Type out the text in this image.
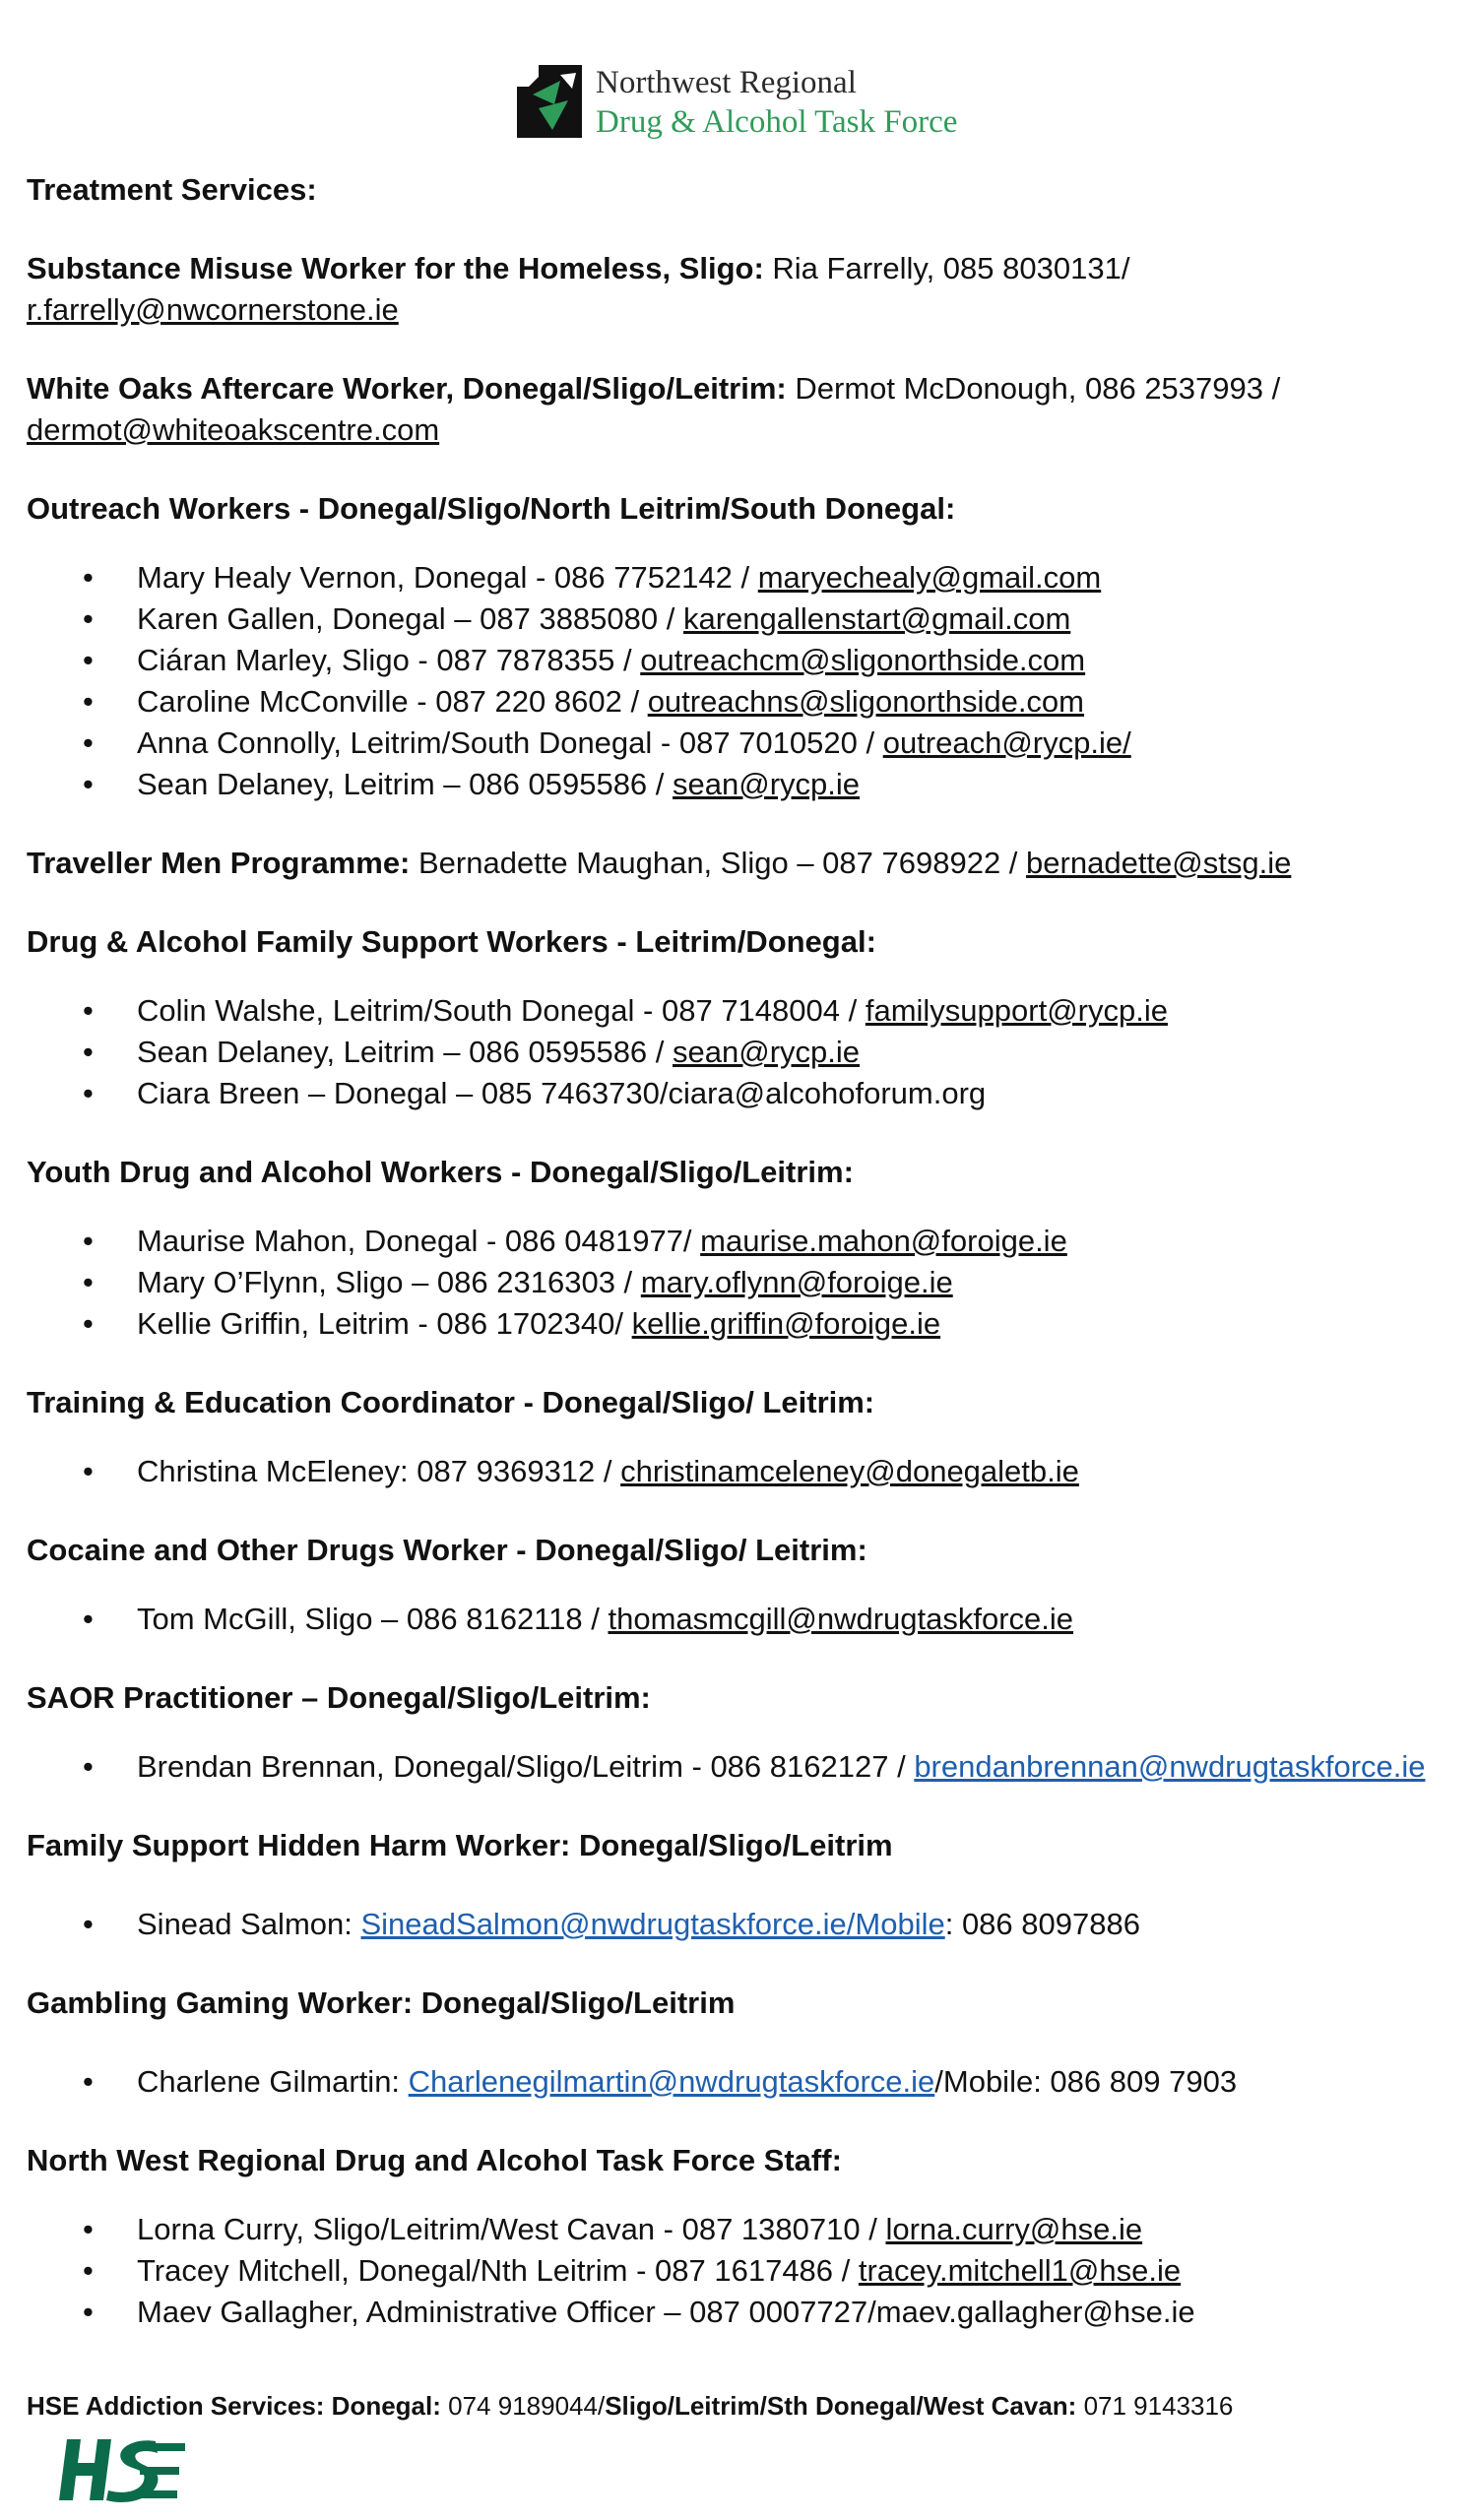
Northwest Regional
Drug & Alcohol Task Force
Treatment Services:

Substance Misuse Worker for the Homeless, Sligo: Ria Farrelly, 085 8030131/
r.farrelly@nwcornerstone.ie

White Oaks Aftercare Worker, Donegal/Sligo/Leitrim: Dermot McDonough, 086 2537993 /
dermot@whiteoakscentre.com

Outreach Workers - Donegal/Sligo/North Leitrim/South Donegal:
• Mary Healy Vernon, Donegal - 086 7752142 / maryechealy@gmail.com
• Karen Gallen, Donegal – 087 3885080 / karengallenstart@gmail.com
• Ciáran Marley, Sligo - 087 7878355 / outreachcm@sligonorthside.com
• Caroline McConville - 087 220 8602 / outreachns@sligonorthside.com
• Anna Connolly, Leitrim/South Donegal - 087 7010520 / outreach@rycp.ie/
• Sean Delaney, Leitrim – 086 0595586 / sean@rycp.ie

Traveller Men Programme: Bernadette Maughan, Sligo – 087 7698922 / bernadette@stsg.ie

Drug & Alcohol Family Support Workers - Leitrim/Donegal:
• Colin Walshe, Leitrim/South Donegal - 087 7148004 / familysupport@rycp.ie
• Sean Delaney, Leitrim – 086 0595586 / sean@rycp.ie
• Ciara Breen – Donegal – 085 7463730/ciara@alcohoforum.org
Youth Drug and Alcohol Workers - Donegal/Sligo/Leitrim:
• Maurise Mahon, Donegal - 086 0481977/ maurise.mahon@foroige.ie
• Mary O’Flynn, Sligo – 086 2316303 / mary.oflynn@foroige.ie
• Kellie Griffin, Leitrim - 086 1702340/ kellie.griffin@foroige.ie
Training & Education Coordinator - Donegal/Sligo/ Leitrim:
• Christina McEleney: 087 9369312 / christinamceleney@donegaletb.ie
Cocaine and Other Drugs Worker - Donegal/Sligo/ Leitrim:
• Tom McGill, Sligo – 086 8162118 / thomasmcgill@nwdrugtaskforce.ie
SAOR Practitioner – Donegal/Sligo/Leitrim:
• Brendan Brennan, Donegal/Sligo/Leitrim - 086 8162127 / brendanbrennan@nwdrugtaskforce.ie
Family Support Hidden Harm Worker: Donegal/Sligo/Leitrim
• Sinead Salmon: SineadSalmon@nwdrugtaskforce.ie/Mobile: 086 8097886
Gambling Gaming Worker: Donegal/Sligo/Leitrim
• Charlene Gilmartin: Charlenegilmartin@nwdrugtaskforce.ie/Mobile: 086 809 7903
North West Regional Drug and Alcohol Task Force Staff:
• Lorna Curry, Sligo/Leitrim/West Cavan - 087 1380710 / lorna.curry@hse.ie
• Tracey Mitchell, Donegal/Nth Leitrim - 087 1617486 / tracey.mitchell1@hse.ie
• Maev Gallagher, Administrative Officer – 087 0007727/maev.gallagher@hse.ie

HSE Addiction Services: Donegal: 074 9189044/Sligo/Leitrim/Sth Donegal/West Cavan: 071 9143316
